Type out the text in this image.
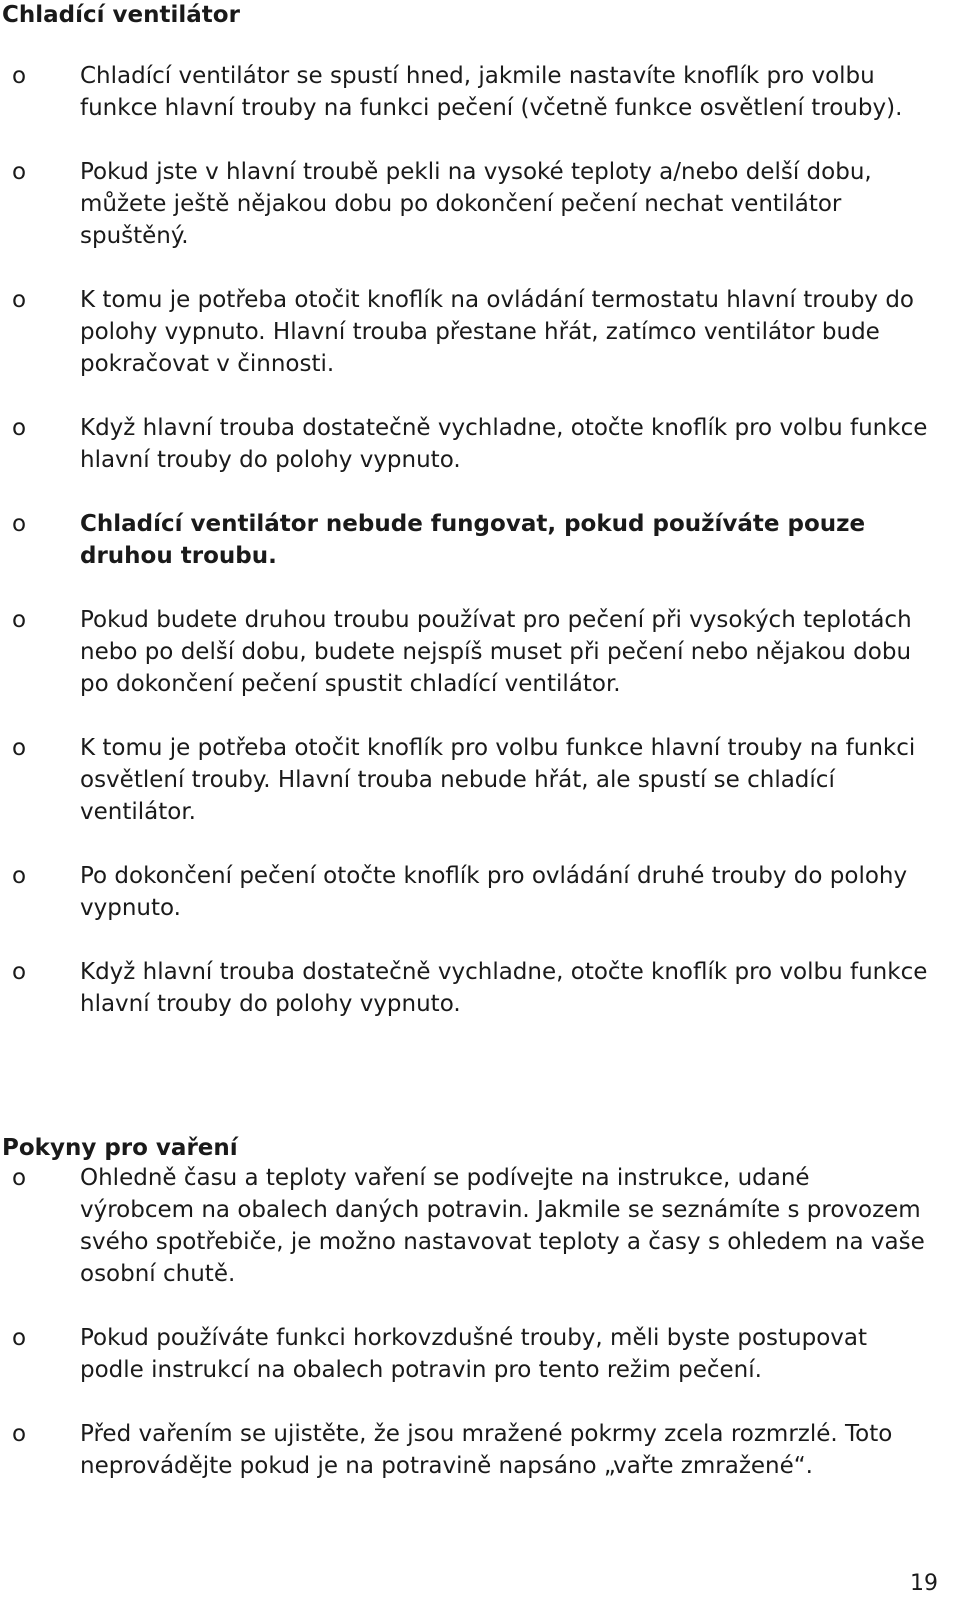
Chladící ventilátor
o Chladící ventilátor se spustí hned, jakmile nastavíte knoflík pro volbu funkce hlavní trouby na funkci pečení (včetně funkce osvětlení trouby).
o Pokud jste v hlavní troubě pekli na vysoké teploty a/nebo delší dobu, můžete ještě nějakou dobu po dokončení pečení nechat ventilátor spuštěný.
o K tomu je potřeba otočit knoflík na ovládání termostatu hlavní trouby do polohy vypnuto. Hlavní trouba přestane hřát, zatímco ventilátor bude pokračovat v činnosti.
o Když hlavní trouba dostatečně vychladne, otočte knoflík pro volbu funkce hlavní trouby do polohy vypnuto.
o Chladící ventilátor nebude fungovat, pokud používáte pouze druhou troubu.
o Pokud budete druhou troubu používat pro pečení při vysokých teplotách nebo po delší dobu, budete nejspíš muset při pečení nebo nějakou dobu po dokončení pečení spustit chladící ventilátor.
o K tomu je potřeba otočit knoflík pro volbu funkce hlavní trouby na funkci osvětlení trouby. Hlavní trouba nebude hřát, ale spustí se chladící ventilátor.
o Po dokončení pečení otočte knoflík pro ovládání druhé trouby do polohy vypnuto.
o Když hlavní trouba dostatečně vychladne, otočte knoflík pro volbu funkce hlavní trouby do polohy vypnuto.
Pokyny pro vaření
o Ohledně času a teploty vaření se podívejte na instrukce, udané výrobcem na obalech daných potravin. Jakmile se seznámíte s provozem svého spotřebiče, je možno nastavovat teploty a časy s ohledem na vaše osobní chutě.
o Pokud používáte funkci horkovzdušné trouby, měli byste postupovat podle instrukcí na obalech potravin pro tento režim pečení.
o Před vařením se ujistěte, že jsou mražené pokrmy zcela rozmrzlé. Toto neprovádějte pokud je na potravině napsáno „vařte zmražené“.
19
